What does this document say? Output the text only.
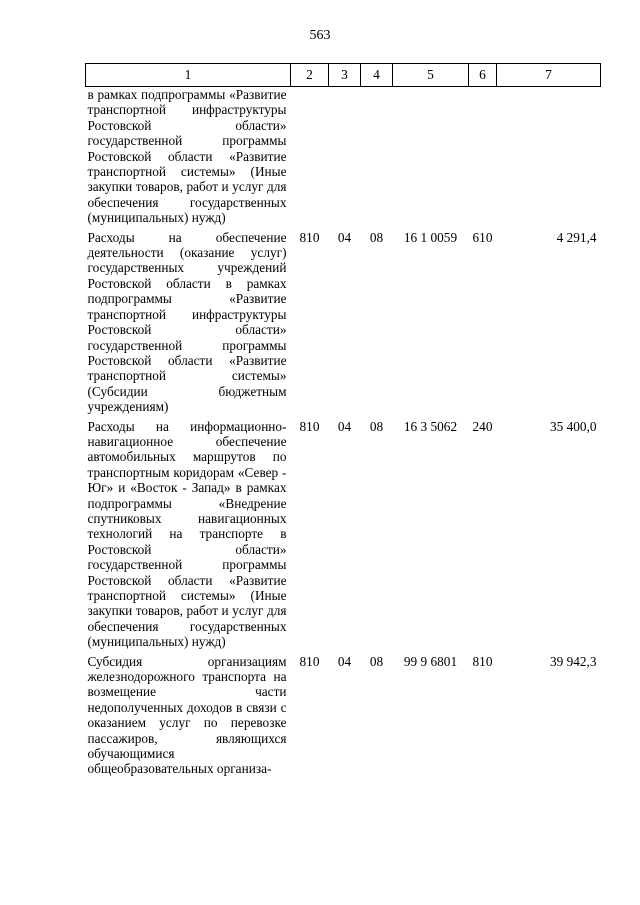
563
1	2	3	4	5	6	7
в рамках подпрограммы «Развитие транспортной инфраструктуры Ростовской области» государственной программы Ростовской области «Развитие транспортной системы» (Иные закупки товаров, работ и услуг для обеспечения государственных (муниципальных) нужд)						
Расходы на обеспечение деятельности (оказание услуг) государственных учреждений Ростовской области в рамках подпрограммы «Развитие транспортной инфраструктуры Ростовской области» государственной программы Ростовской области «Развитие транспортной системы» (Субсидии бюджетным учреждениям)	810	04	08	16 1 0059	610	4 291,4
Расходы на информационно-навигационное обеспечение автомобильных маршрутов по транспортным коридорам «Север - Юг» и «Восток - Запад» в рамках подпрограммы «Внедрение спутниковых навигационных технологий на транспорте в Ростовской области» государственной программы Ростовской области «Развитие транспортной системы» (Иные закупки товаров, работ и услуг для обеспечения государственных (муниципальных) нужд)	810	04	08	16 3 5062	240	35 400,0
Субсидия организациям железнодорожного транспорта на возмещение части недополученных доходов в связи с оказанием услуг по перевозке пассажиров, являющихся обучающимися общеобразовательных организа-	810	04	08	99 9 6801	810	39 942,3
